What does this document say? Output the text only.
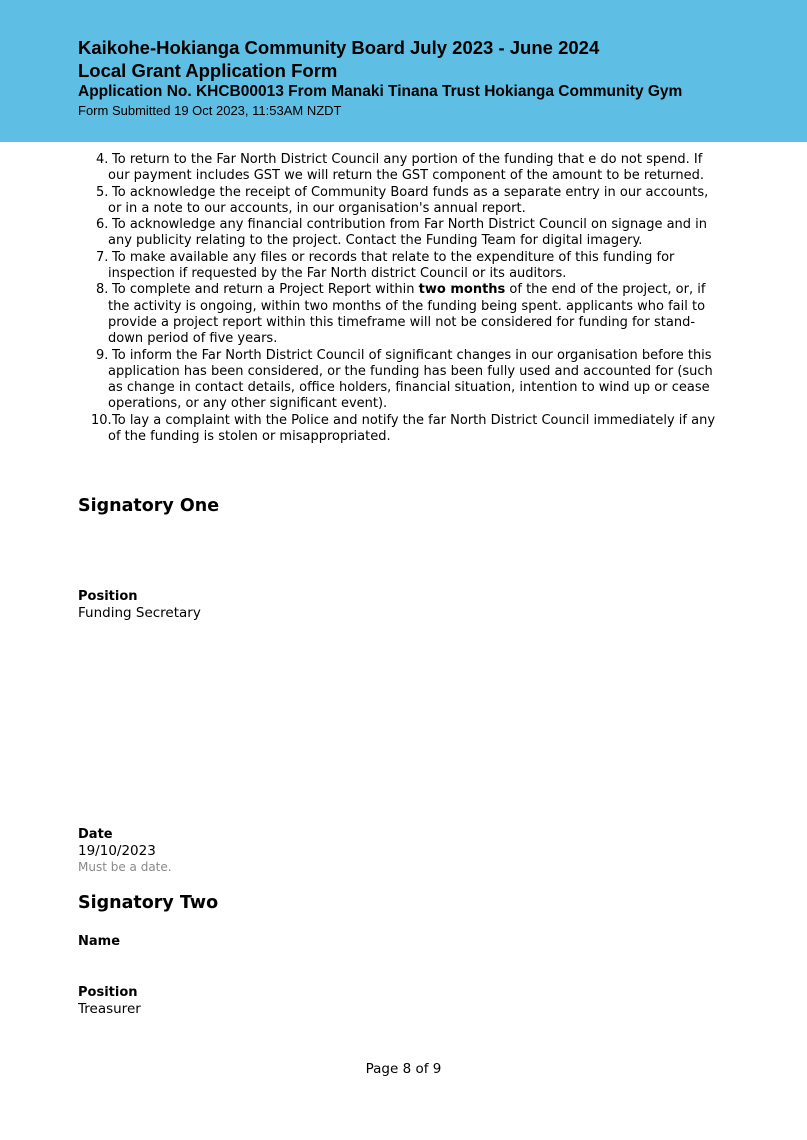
Kaikohe-Hokianga Community Board July 2023 - June 2024
Local Grant Application Form
Application No. KHCB00013 From Manaki Tinana Trust Hokianga Community Gym
Form Submitted 19 Oct 2023, 11:53AM NZDT
4. To return to the Far North District Council any portion of the funding that e do not spend. If our payment includes GST we will return the GST component of the amount to be returned.
5. To acknowledge the receipt of Community Board funds as a separate entry in our accounts, or in a note to our accounts, in our organisation's annual report.
6. To acknowledge any financial contribution from Far North District Council on signage and in any publicity relating to the project. Contact the Funding Team for digital imagery.
7. To make available any files or records that relate to the expenditure of this funding for inspection if requested by the Far North district Council or its auditors.
8. To complete and return a Project Report within two months of the end of the project, or, if the activity is ongoing, within two months of the funding being spent. applicants who fail to provide a project report within this timeframe will not be considered for funding for stand-down period of five years.
9. To inform the Far North District Council of significant changes in our organisation before this application has been considered, or the funding has been fully used and accounted for (such as change in contact details, office holders, financial situation, intention to wind up or cease operations, or any other significant event).
10. To lay a complaint with the Police and notify the far North District Council immediately if any of the funding is stolen or misappropriated.
Signatory One
Position
Funding Secretary
Date
19/10/2023
Must be a date.
Signatory Two
Name
Position
Treasurer
Page 8 of 9
